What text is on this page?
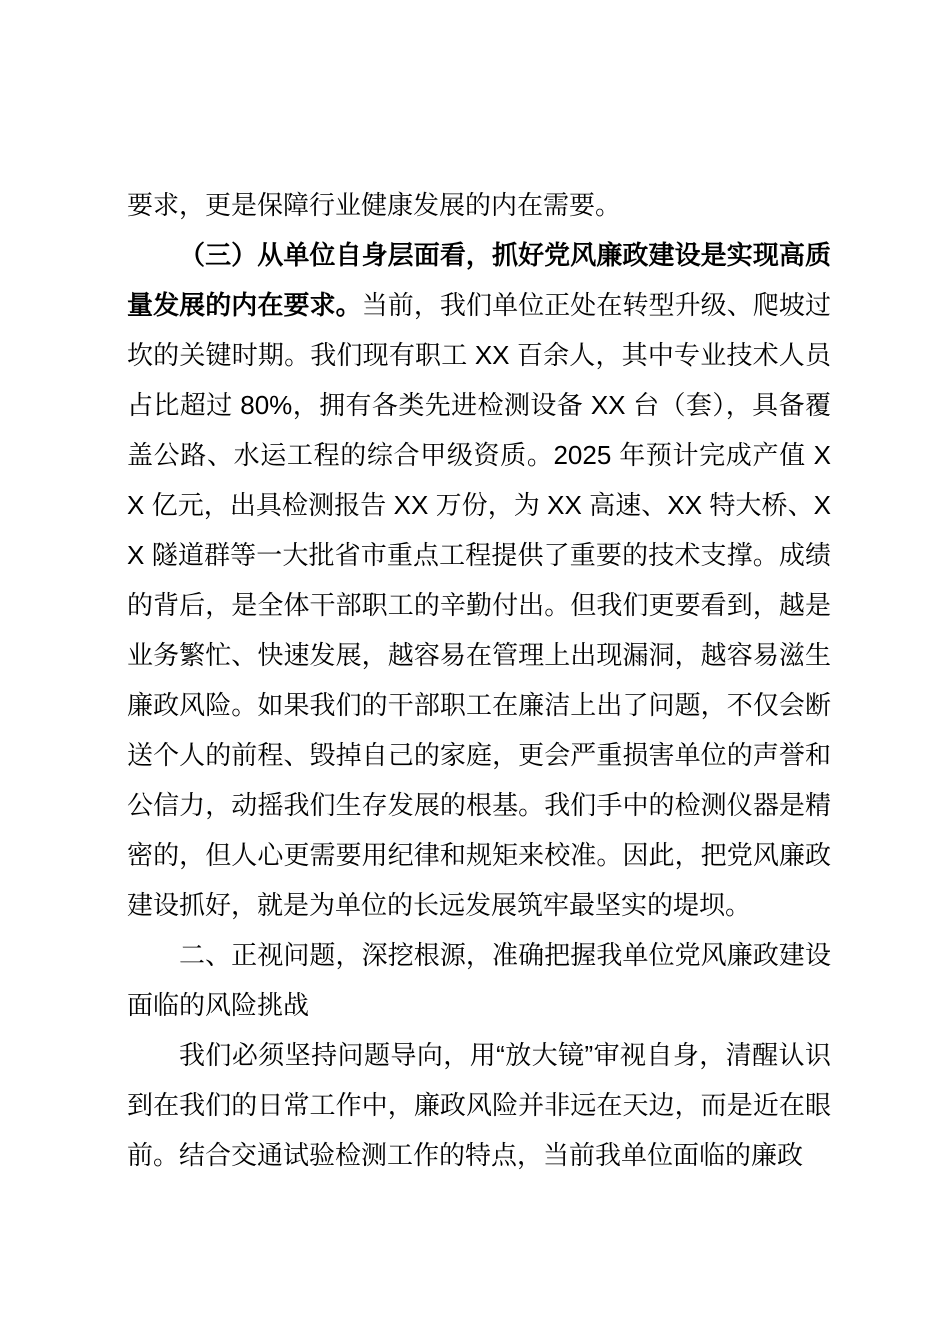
要求，更是保障行业健康发展的内在需要。

（三）从单位自身层面看，抓好党风廉政建设是实现高质量发展的内在要求。当前，我们单位正处在转型升级、爬坡过坎的关键时期。我们现有职工 XX 百余人，其中专业技术人员占比超过 80%，拥有各类先进检测设备 XX 台（套），具备覆盖公路、水运工程的综合甲级资质。2025 年预计完成产值 XX 亿元，出具检测报告 XX 万份，为 XX 高速、XX 特大桥、XX 隧道群等一大批省市重点工程提供了重要的技术支撑。成绩的背后，是全体干部职工的辛勤付出。但我们更要看到，越是业务繁忙、快速发展，越容易在管理上出现漏洞，越容易滋生廉政风险。如果我们的干部职工在廉洁上出了问题，不仅会断送个人的前程、毁掉自己的家庭，更会严重损害单位的声誉和公信力，动摇我们生存发展的根基。我们手中的检测仪器是精密的，但人心更需要用纪律和规矩来校准。因此，把党风廉政建设抓好，就是为单位的长远发展筑牢最坚实的堤坝。

二、正视问题，深挖根源，准确把握我单位党风廉政建设面临的风险挑战

我们必须坚持问题导向，用“放大镜”审视自身，清醒认识到在我们的日常工作中，廉政风险并非远在天边，而是近在眼前。结合交通试验检测工作的特点，当前我单位面临的廉政
